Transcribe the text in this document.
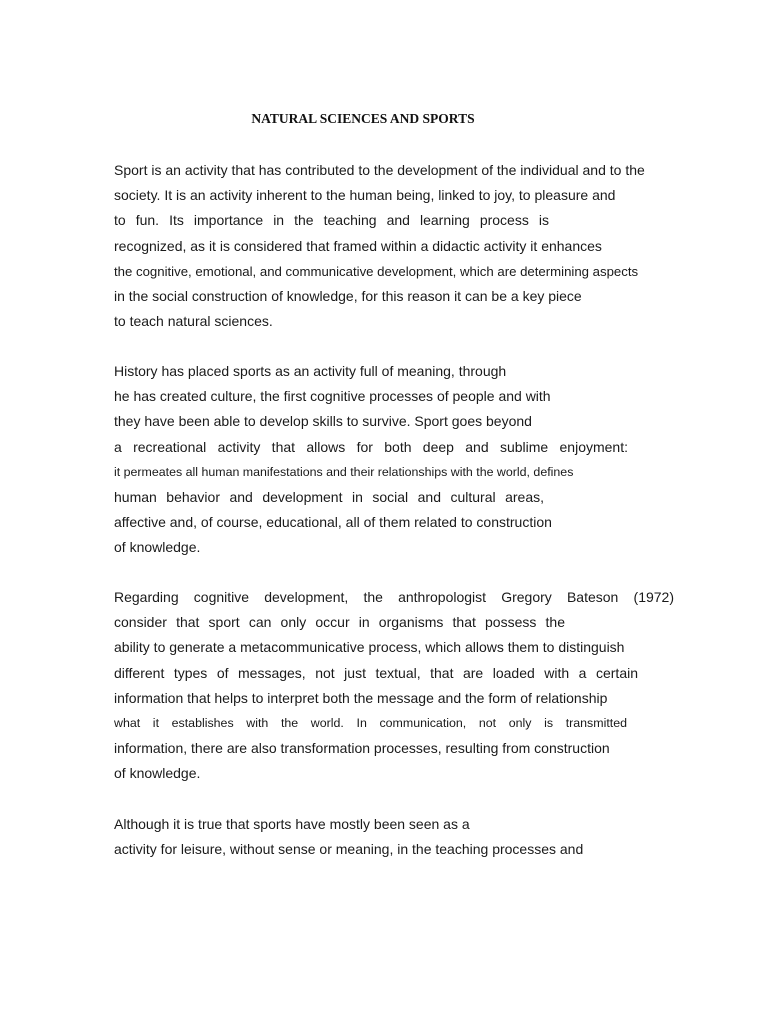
NATURAL SCIENCES AND SPORTS
Sport is an activity that has contributed to the development of the individual and to the
society. It is an activity inherent to the human being, linked to joy, to pleasure and
to fun. Its importance in the teaching and learning process is
recognized, as it is considered that framed within a didactic activity it enhances
the cognitive, emotional, and communicative development, which are determining aspects
in the social construction of knowledge, for this reason it can be a key piece
to teach natural sciences.
History has placed sports as an activity full of meaning, through
he has created culture, the first cognitive processes of people and with
they have been able to develop skills to survive. Sport goes beyond
a recreational activity that allows for both deep and sublime enjoyment:
it permeates all human manifestations and their relationships with the world, defines
human behavior and development in social and cultural areas,
affective and, of course, educational, all of them related to construction
of knowledge.
Regarding cognitive development, the anthropologist Gregory Bateson (1972)
consider that sport can only occur in organisms that possess the
ability to generate a metacommunicative process, which allows them to distinguish
different types of messages, not just textual, that are loaded with a certain
information that helps to interpret both the message and the form of relationship
what it establishes with the world. In communication, not only is transmitted
information, there are also transformation processes, resulting from construction
of knowledge.
Although it is true that sports have mostly been seen as a
activity for leisure, without sense or meaning, in the teaching processes and
